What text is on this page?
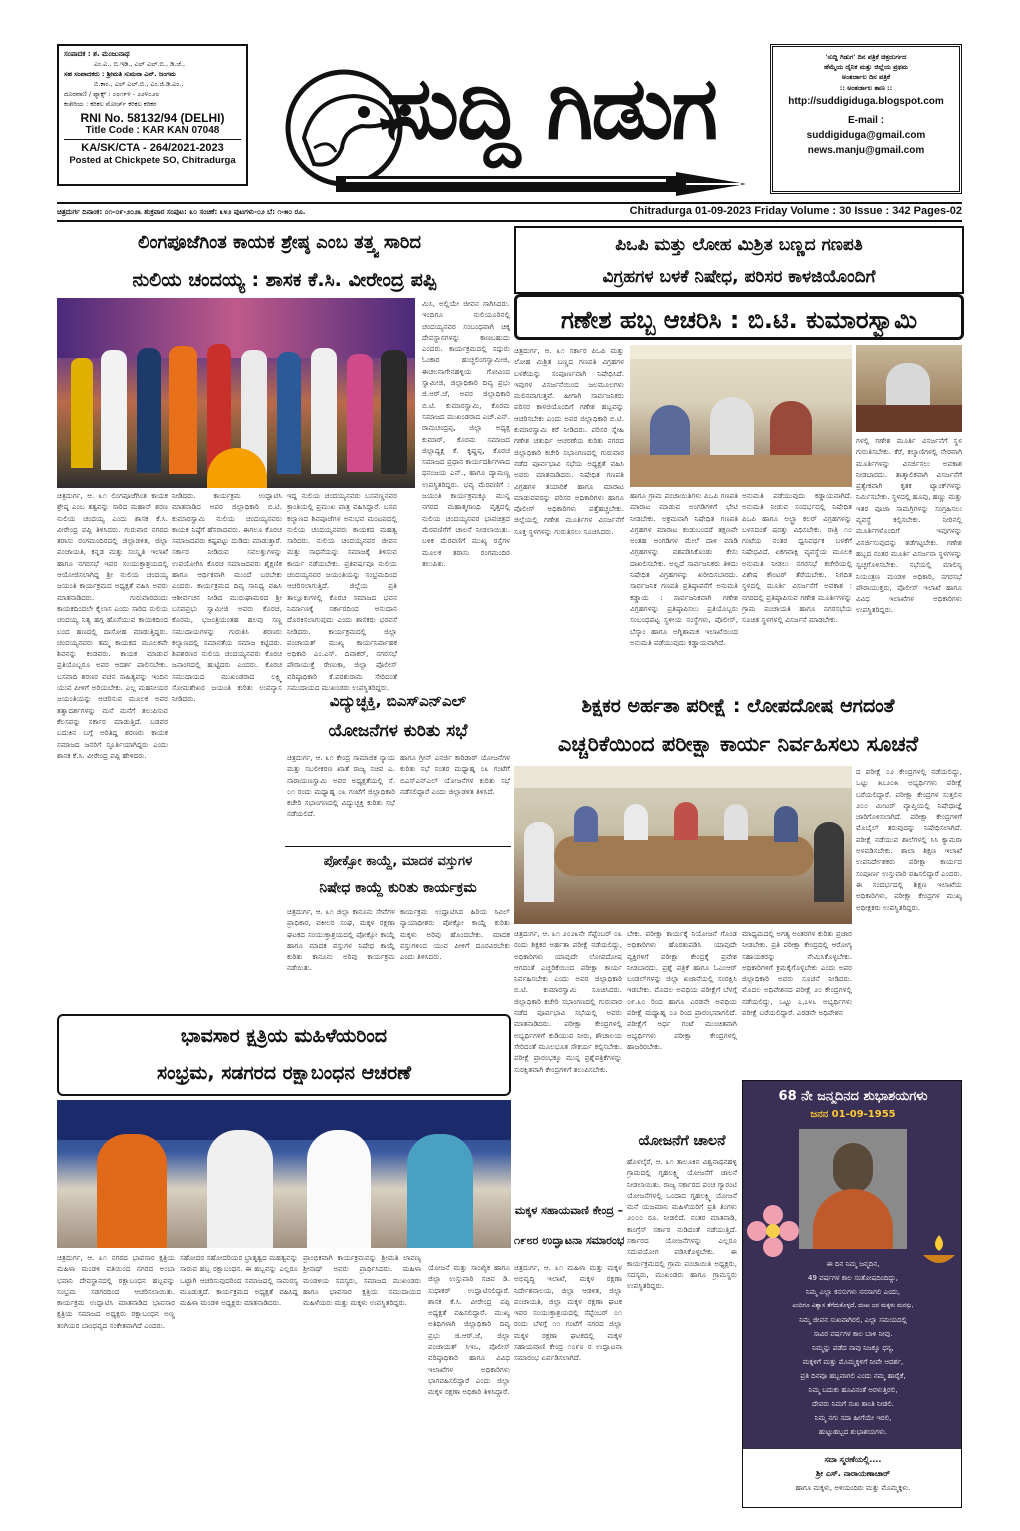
ಸಂಪಾದಕ : ಶ. ಮಂಜುನಾಥ
ಎಂ.ಎ., ಬಿ.ಇಡಿ., ಎಲ್ ಎಲ್.ಬಿ., ಡಿ.ಜೆ.,
ಸಹ ಸಂಪಾದಕರು : ಶ್ರೀಮತಿ ಸುಮನಾ ಎನ್. ಜಂಗಮ
ಬಿ.ಕಾಂ., ಎಲ್ ಎಲ್.ಬಿ., ಎಂ.ಜಿ.ಡಿ.ಎಂ.,
ದೂರವಾಣಿ / ಫ್ಯಾಕ್ಸ್ : ೦೮೧೯೪ - ೨೨೪೦೨೮
ಕಚೇರಿಯ : ಕರಿಕಲ ಮೋರ್ಚ್ ಕರಿಕಲ ಕರಿಕರ
RNI No. 58132/94 (DELHI)
Title Code : KAR KAN 07048
KA/SK/CTA - 264/2021-2023
Posted at Chickpete SO, Chitradurga
ಸುದ್ದಿ ಗಿಡುಗ
'ಸುದ್ದಿ ಗಿಡುಗ' ದಿನ ಪತ್ರಿಕೆ ಚಿತ್ರದುರ್ಗದ
ಹೆಮ್ಮೆಯ ದೈನಿಕ ಮತ್ತು ಜಿಲ್ಲೆಯ ಪ್ರಥಮ
ಅಂತರ್ಜಾಲ ದಿನ ಪತ್ರಿಕೆ
:: ಅಂತರ್ಜಾಲ ತಾಣ ::
http://suddigiduga.blogspot.com
E-mail :
suddigiduga@gmail.com
news.manju@gmail.com
ಚಿತ್ರದುರ್ಗ ದಿನಾಂಕ: ೦೧-೦೯-೨೦೨೩ ಶುಕ್ರವಾರ ಸಂಪುಟ: ೩೦ ಸಂಚಿಕೆ: ೩೪೨ ಪುಟಗಳು-೦೨ ಬೆ: ೧-೫೦ ರೂ.	Chitradurga 01-09-2023 Friday Volume : 30 Issue : 342 Pages-02
ಲಿಂಗಪೂಜೆಗಿಂತ ಕಾಯಕ ಶ್ರೇಷ್ಠ ಎಂಬ ತತ್ತ್ವ ಸಾರಿದ
ನುಲಿಯ ಚಂದಯ್ಯ : ಶಾಸಕ ಕೆ.ಸಿ. ವೀರೇಂದ್ರ ಪಪ್ಪಿ
ಮಿಸಿ, ಅಲ್ಲಿಯೇ ಜೀವನ ಸಾಗಿಸಿದರು. ಇಂದಿಗೂ ನುಲಿಯೂರಿನಲ್ಲಿ ಚಂದಯ್ಯನವರ ಸಂಬಂಧವಾಗಿ ಚಿಕ್ಕ ದೇವಸ್ಥಾನಗಳನ್ನು ಕಾಣಬಹುದು ಎಂದರು. ಕಾರ್ಯಕ್ರಮದಲ್ಲಿ ಸದ್ಗುರು ಓಂಕಾರ ಹುಚ್ಚಲಿಂಗಸ್ವಾಮೀಜಿ, ಈಚಲನಾಗೇನಹಳ್ಳಿಯ ಗೋವಿಂದ ಸ್ವಾಮೀಜಿ, ಜಿಲ್ಲಾಧಿಕಾರಿ ದಿವ್ಯ ಪ್ರಭು ಜಿ.ಆರ್.ಜೆ, ಅಪರ ಜಿಲ್ಲಾಧಿಕಾರಿ ಬಿ.ಟಿ. ಕುಮಾರಸ್ವಾಮಿ, ಕೊರಮ ಸಮಾಜದ ಮುಖಂಡರಾದ ಎಚ್.ಎನ್. ರಾಮಚಂದ್ರಪ್ಪ, ಜಿಲ್ಲಾ ಅಧ್ಯಕ್ಷ ಕುಮಾರ್, ಕೊರಮ ಸಮಾಜದ ಜಿಲ್ಲಾಧ್ಯಕ್ಷ ಕೆ. ಕೃಷ್ಣಪ್ಪ, ಕೊರಚ ಸಮಾಜದ ಪ್ರಧಾನ ಕಾರ್ಯದರ್ಶಿಗಳಾದ ಧನಂಜಯ ಎನ್., ಹಾಗೂ ದ್ಯಾಮಣ್ಣ ಉಪಸ್ಥಿತರಿದ್ದರು. ಭವ್ಯ ಮೆರವಣಿಗೆ : ಜಯಂತಿ ಕಾರ್ಯಕ್ರಮಕ್ಕೂ ಮುನ್ನ ನಗರದ ಮಹಾತ್ಮಗಾಂಧಿ ವೃತ್ತದಲ್ಲಿ ನುಲಿಯ ಚಂದಯ್ಯನವರ ಭಾವಚಿತ್ರದ ಮೆರವಣಿಗೆಗೆ ಚಾಲನೆ ನೀಡಲಾಯಿತು. ಬಳಿಕ ಮೆರವಣಿಗೆ ಮುಖ್ಯ ರಸ್ತೆಗಳ ಮೂಲಕ ತರಾಸು ರಂಗಮಂದಿರ ತಲುಪಿತು.
ಚಿತ್ರದುರ್ಗ, ಆ. ೩೧ ಲಿಂಗಪೂಜೆಗಿಂತ ಕಾಯಕ ಶ್ರೇಷ್ಠ ಎಂಬ ತತ್ವವನ್ನು ಸಾರಿದ ಮಹಾನ್ ಶರಣ ನುಲಿಯ ಚಂದಯ್ಯ ಎಂದು ಶಾಸಕ ಕೆ.ಸಿ. ವೀರೇಂದ್ರ ಪಪ್ಪಿ ತಿಳಿಸಿದರು. ಗುರುವಾರ ನಗರದ ತರಾಸು ರಂಗಮಂದಿರದಲ್ಲಿ ಜಿಲ್ಲಾಡಳಿತ, ಜಿಲ್ಲಾ ಪಂಚಾಯತಿ, ಕನ್ನಡ ಮತ್ತು ಸಂಸ್ಕೃತಿ ಇಲಾಖೆ ಹಾಗೂ ನಗರಸಭೆ ಇವರ ಸಂಯುಕ್ತಾಶ್ರಯದಲ್ಲಿ ಆಯೋಜಿಸಲಾಗಿದ್ದ ಶ್ರೀ ನುಲಿಯ ಚಂದಯ್ಯ ಜಯಂತಿ ಕಾರ್ಯಕ್ರಮದ ಅಧ್ಯಕ್ಷತೆ ವಹಿಸಿ ಅವರು ಮಾತನಾಡಿದರು. ಗುರುವಾರದಂದು ಕಾಯಕದಿಂದಲೇ ಕೈಲಾಸ ಎಂದು ಸಾರಿದ ನುಲಿಯ ಚಂದಯ್ಯ ನಿತ್ಯ ಹಗ್ಗ ಹೊಸೆಯುವ ಕಾಯಕದಿಂದ ಬಂದ ಹಣದಲ್ಲಿ ದಾಸೋಹ ಮಾಡುತ್ತಿದ್ದರು. ಚಂದಯ್ಯನವರು ತಮ್ಮ ಕಾಯಕದ ಮೂಲಕವೇ ಶಿವನನ್ನು ಕಂಡವರು. ಕಾಯಕ ಮಾಡುವ ಪ್ರತಿಯೊಬ್ಬರೂ ಅವರ ಆದರ್ಶ ಪಾಲಿಸಬೇಕು. ಬಸವಾದಿ ಶರಣರ ವಚನ ಸಾಹಿತ್ಯವನ್ನು ಇಂದಿನ ಯುವ ಪೀಳಿಗೆ ಅರಿಯಬೇಕು. ಎಲ್ಲ ಮಹನೀಯರ ಜಯಂತಿಯನ್ನು ಆಚರಿಸುವ ಮೂಲಕ ಅವರ ತತ್ವಾದರ್ಶಗಳನ್ನು ಮನೆ ಮನೆಗೆ ತಲುಪಿಸುವ ಕೆಲಸವನ್ನು ಸರ್ಕಾರ ಮಾಡುತ್ತಿದೆ. ಬಡವರ ಬದುಕಿನ ಬಗ್ಗೆ ಅರಿತಿದ್ದ ಶರಣರು ಕಾಯಕ ಸಮಾಜದ ಜನರಿಗೆ ಸ್ಫೂರ್ತಿಯಾಗಿದ್ದರು ಎಂದು ಶಾಸಕ ಕೆ.ಸಿ. ವೀರೇಂದ್ರ ಪಪ್ಪಿ ಹೇಳಿದರು.
ನೀಡಿದರು. ಕಾರ್ಯಕ್ರಮ ಉದ್ಘಾಟಿಸಿ ಮಾತನಾಡಿದ ಅಪರ ಜಿಲ್ಲಾಧಿಕಾರಿ ಬಿ.ಟಿ. ಕುಮಾರಸ್ವಾಮಿ ನುಲಿಯ ಚಂದಯ್ಯನವರು ಕಾಯಕ ನಿಷ್ಠೆಗೆ ಹೆಸರಾದವರು. ಈಗಲೂ ಕೊರಚ ಸಮಾಜದವರು ಕಷ್ಟಪಟ್ಟು ದುಡಿದು ಮಾಡುತ್ತಾರೆ. ಸರ್ಕಾರ ನೀಡಿರುವ ಸವಲತ್ತುಗಳನ್ನು ಉಪಯೋಗಿಸಿ ಕೊರಚ ಸಮಾಜದವರು ಶೈಕ್ಷಣಿಕ ಹಾಗೂ ಆರ್ಥಿಕವಾಗಿ ಮುಂದೆ ಬರಬೇಕು ಎಂದರು. ಕಾರ್ಯಕ್ರಮದ ದಿವ್ಯ ಸಾನಿಧ್ಯ ವಹಿಸಿ ಆಶೀರ್ವಚನ ನೀಡಿದ ಮುರುಘಾಮಠದ ಶ್ರೀ ಬಸವಪ್ರಭು ಸ್ವಾಮೀಜಿ ಅವರು ಕೊರಚ, ಕೊರಮ, ಭಜಂತ್ರಿಯಂತಹ ಹಲವು ಸಣ್ಣ ಸಮುದಾಯಗಳನ್ನು ಗುರುತಿಸಿ ಶರಣರು ಕಲ್ಯಾಣದಲ್ಲಿ ಸಮಾನತೆಯ ಸಮಾಜ ಕಟ್ಟಿದರು. ಶಿವಶರಣರ ನುಲಿಯ ಚಂದಯ್ಯನವರು ಕೊರಚ ಜನಾಂಗದಲ್ಲಿ ಹುಟ್ಟಿದರು ಎಂದರು. ಕೊರಚ ಸಮುದಾಯದ ಮುಖಂಡರಾದ ಲಕ್ಷ್ಮಿ ಸೋಮಶೇಖರ ಜಯಂತಿ ಕುರಿತು ಉಪನ್ಯಾಸ ನೀಡಿದರು.
ಇದ್ದ ನುಲಿಯ ಚಂದಯ್ಯನವರು ಬಸವಣ್ಣನವರ ಕ್ರಾಂತಿಯಲ್ಲಿ ಪ್ರಮುಖ ಪಾತ್ರ ವಹಿಸಿದ್ದಾರೆ. ಬಸವ ಕಲ್ಯಾಣದ ಶಿವಪೂಜೆಗಳ ಅನುಭವ ಮಂಟಪದಲ್ಲಿ ನುಲಿಯ ಚಂದಯ್ಯನವರು ಕಾಯಕದ ಮಹತ್ವ ಸಾರಿದರು. ನುಲಿಯ ಚಂದಯ್ಯನವರ ಜೀವನ ಮತ್ತು ಸಾಧನೆಯನ್ನು ಸಮಾಜಕ್ಕೆ ತಿಳಿಸುವ ಕಾರ್ಯ ನಡೆಯಬೇಕು. ಪ್ರತಿವರ್ಷವೂ ನುಲಿಯ ಚಂದಯ್ಯನವರ ಜಯಂತಿಯನ್ನು ಸಂಭ್ರಮದಿಂದ ಆಚರಿಸಲಾಗುತ್ತಿದೆ. ಜಿಲ್ಲೆಯ ಪ್ರತಿ ತಾಲ್ಲೂಕುಗಳಲ್ಲಿ ಕೊರಚ ಸಮಾಜದ ಭವನ ನಿರ್ಮಾಣಕ್ಕೆ ಸರ್ಕಾರದಿಂದ ಅನುದಾನ ದೊರಕಿಸಲಾಗುವುದು ಎಂದು ಶಾಸಕರು ಭರವಸೆ ನೀಡಿದರು. ಕಾರ್ಯಕ್ರಮದಲ್ಲಿ ಜಿಲ್ಲಾ ಪಂಚಾಯತ್ ಮುಖ್ಯ ಕಾರ್ಯನಿರ್ವಾಹಕ ಅಧಿಕಾರಿ ಎಂ.ಎಸ್. ದಿವಾಕರ್, ನಗರಸಭೆ ಪೌರಾಯುಕ್ತೆ ರೇಣುಕಾ, ಜಿಲ್ಲಾ ಪೊಲೀಸ್ ವರಿಷ್ಠಾಧಿಕಾರಿ ಕೆ.ಪರಶುರಾಮ ಸೇರಿದಂತೆ ಸಮುದಾಯದ ಮುಖಂಡರು ಉಪಸ್ಥಿತರಿದ್ದರು.
ವಿದ್ಯುಚ್ಛಕ್ತಿ, ಬಿಎಸ್‌ಎನ್‌ಎಲ್
ಯೋಜನೆಗಳ ಕುರಿತು ಸಭೆ
ಚಿತ್ರದುರ್ಗ, ಆ. ೩೧ ಕೇಂದ್ರ ಸಾಮಾಜಿಕ ನ್ಯಾಯ ಮತ್ತು ಸಬಲೀಕರಣ ಖಾತೆ ರಾಜ್ಯ ಸಚಿವ ಎ. ನಾರಾಯಣಸ್ವಾಮಿ ಅವರ ಅಧ್ಯಕ್ಷತೆಯಲ್ಲಿ ಸೆ. ೦೧ ರಂದು ಮಧ್ಯಾಹ್ನ ೦೩ ಗಂಟೆಗೆ ಜಿಲ್ಲಾಧಿಕಾರಿ ಕಚೇರಿ ಸಭಾಂಗಣದಲ್ಲಿ ವಿದ್ಯುಚ್ಛಕ್ತಿ ಕುರಿತು ಸಭೆ ನಡೆಯಲಿದೆ.
ಹಾಗೂ ಗ್ರೀನ್ ಎನರ್ಜಿ ಕಾರಿಡಾರ್ ಯೋಜನೆಗಳ ಕುರಿತು ಸಭೆ ನಂತರ ಮಧ್ಯಾಹ್ನ ೦೩ ಗಂಟೆಗೆ ಬಿಎಸ್‌ಎನ್‌ಎಲ್ ಯೋಜನೆಗಳ ಕುರಿತು ಸಭೆ ನಡೆಸಲಿದ್ದಾರೆ ಎಂದು ಜಿಲ್ಲಾಡಳಿತ ತಿಳಿಸಿದೆ.
ಪೋಕ್ಸೋ ಕಾಯ್ದೆ, ಮಾದಕ ವಸ್ತುಗಳ
ನಿಷೇಧ ಕಾಯ್ದೆ ಕುರಿತು ಕಾರ್ಯಕ್ರಮ
ಚಿತ್ರದುರ್ಗ, ಆ. ೩೧ ಜಿಲ್ಲಾ ಕಾನೂನು ಸೇವೆಗಳ ಪ್ರಾಧಿಕಾರ, ವಕೀಲರ ಸಂಘ, ಮಕ್ಕಳ ರಕ್ಷಣಾ ಘಟಕದ ಸಂಯುಕ್ತಾಶ್ರಯದಲ್ಲಿ ಪೋಕ್ಸೋ ಕಾಯ್ದೆ ಹಾಗೂ ಮಾದಕ ವಸ್ತುಗಳ ನಿಷೇಧ ಕಾಯ್ದೆ ಕುರಿತು ಕಾನೂನು ಅರಿವು ಕಾರ್ಯಕ್ರಮ ನಡೆಯಿತು.
ಕಾರ್ಯಕ್ರಮ ಉದ್ಘಾಟಿಸಿದ ಹಿರಿಯ ಸಿವಿಲ್ ನ್ಯಾಯಾಧೀಶರು ಪೋಕ್ಸೋ ಕಾಯ್ದೆ ಕುರಿತು ಮಕ್ಕಳು ಅರಿವು ಹೊಂದಬೇಕು. ಮಾದಕ ವಸ್ತುಗಳಿಂದ ಯುವ ಪೀಳಿಗೆ ದೂರವಿರಬೇಕು ಎಂದು ತಿಳಿಸಿದರು.
ಭಾವಸಾರ ಕ್ಷತ್ರಿಯ ಮಹಿಳೆಯರಿಂದ
ಸಂಭ್ರಮ, ಸಡಗರದ ರಕ್ಷಾಬಂಧನ ಆಚರಣೆ
ಚಿತ್ರದುರ್ಗ, ಆ. ೩೧ ನಗರದ ಭಾವಸಾರ ಕ್ಷತ್ರಿಯ ಮಹಿಳಾ ಮಂಡಳಿ ವತಿಯಿಂದ ನಗರದ ಅಂಬಾ ಭವಾನಿ ದೇವಸ್ಥಾನದಲ್ಲಿ ರಕ್ಷಾಬಂಧನ ಹಬ್ಬವನ್ನು ಸಂಭ್ರಮ ಸಡಗರದಿಂದ ಆಚರಿಸಲಾಯಿತು. ಕಾರ್ಯಕ್ರಮ ಉದ್ಘಾಟಿಸಿ ಮಾತನಾಡಿದ ಭಾವಸಾರ ಕ್ಷತ್ರಿಯ ಸಮಾಜದ ಅಧ್ಯಕ್ಷರು ರಕ್ಷಾಬಂಧನ ಅಣ್ಣ ತಂಗಿಯರ ಬಾಂಧವ್ಯದ ಸಂಕೇತವಾಗಿದೆ ಎಂದರು.
ಸಹೋದರ ಸಹೋದರಿಯರ ಭ್ರಾತೃತ್ವದ ಮಹತ್ವವನ್ನು ಸಾರುವ ಹಬ್ಬ ರಕ್ಷಾಬಂಧನ. ಈ ಹಬ್ಬವನ್ನು ಎಲ್ಲರೂ ಒಟ್ಟಾಗಿ ಆಚರಿಸುವುದರಿಂದ ಸಮಾಜದಲ್ಲಿ ಸಾಮರಸ್ಯ ಮೂಡುತ್ತದೆ. ಕಾರ್ಯಕ್ರಮದ ಅಧ್ಯಕ್ಷತೆ ವಹಿಸಿದ್ದ ಮಹಿಳಾ ಮಂಡಳಿ ಅಧ್ಯಕ್ಷರು ಮಾತನಾಡಿದರು.
ಪ್ರಾಂಭಿಕವಾಗಿ ಕಾರ್ಯಕ್ರಮವನ್ನು ಶ್ರೀಮತಿ ಲಾವಣ್ಯ ಶ್ರೀನಾಥ್ ಅವರು ಪ್ರಾರ್ಥಿಸಿದರು. ಮಹಿಳಾ ಮಂಡಳಿಯ ಸದಸ್ಯರು, ಸಮಾಜದ ಮುಖಂಡರು ಹಾಗೂ ಭಾವಸಾರ ಕ್ಷತ್ರಿಯ ಸಮುದಾಯದ ಮಹಿಳೆಯರು ಮತ್ತು ಮಕ್ಕಳು ಉಪಸ್ಥಿತರಿದ್ದರು.
ಪಿಒಪಿ ಮತ್ತು ಲೋಹ ಮಿಶ್ರಿತ ಬಣ್ಣದ ಗಣಪತಿ
ವಿಗ್ರಹಗಳ ಬಳಕೆ ನಿಷೇಧ, ಪರಿಸರ ಕಾಳಜಿಯೊಂದಿಗೆ
ಗಣೇಶ ಹಬ್ಬ ಆಚರಿಸಿ : ಬಿ.ಟಿ. ಕುಮಾರಸ್ವಾಮಿ
ಚಿತ್ರದುರ್ಗ, ಆ. ೩೧ ಸರ್ಕಾರ ಪಿಒಪಿ ಮತ್ತು ಲೋಹ ಮಿಶ್ರಿತ ಬಣ್ಣದ ಗಣಪತಿ ವಿಗ್ರಹಗಳ ಬಳಕೆಯನ್ನು ಸಂಪೂರ್ಣವಾಗಿ ನಿಷೇಧಿಸಿದೆ. ಇವುಗಳ ವಿಸರ್ಜನೆಯಿಂದ ಜಲಮೂಲಗಳು ಮಲಿನವಾಗುತ್ತವೆ. ಹೀಗಾಗಿ ಸಾರ್ವಜನಿಕರು ಪರಿಸರ ಕಾಳಜಿಯೊಂದಿಗೆ ಗಣೇಶ ಹಬ್ಬವನ್ನು ಆಚರಿಸಬೇಕು ಎಂದು ಅಪರ ಜಿಲ್ಲಾಧಿಕಾರಿ ಬಿ.ಟಿ. ಕುಮಾರಸ್ವಾಮಿ ಕರೆ ನೀಡಿದರು. ಪರಿಸರ ಸ್ನೇಹಿ ಗಣೇಶ ಚತುರ್ಥಿ ಆಚರಣೆಯ ಕುರಿತು ನಗರದ ಜಿಲ್ಲಾಧಿಕಾರಿ ಕಚೇರಿ ಸಭಾಂಗಣದಲ್ಲಿ ಗುರುವಾರ ನಡೆದ ಪೂರ್ವಭಾವಿ ಸಭೆಯ ಅಧ್ಯಕ್ಷತೆ ವಹಿಸಿ ಅವರು ಮಾತನಾಡಿದರು. ನಿಷೇಧಿತ ಗಣಪತಿ ವಿಗ್ರಹಗಳ ತಯಾರಿಕೆ ಹಾಗೂ ಮಾರಾಟ ಮಾಡುವವರನ್ನು ಪರಿಸರ ಅಧಿಕಾರಿಗಳು ಹಾಗೂ ಪೊಲೀಸ್ ಅಧಿಕಾರಿಗಳು ಪತ್ತೆಹಚ್ಚಬೇಕು. ಜಿಲ್ಲೆಯಲ್ಲಿ ಗಣೇಶ ಮೂರ್ತಿಗಳ ವಿಸರ್ಜನೆಗೆ ಸೂಕ್ತ ಸ್ಥಳಗಳನ್ನು ಗುರುತಿಸಲು ಸೂಚಿಸಿದರು.
ಹಾಗೂ ಗ್ರಾಮ ಪಂಚಾಯಿತಿಗಳು ಪಿಒಪಿ ಗಣಪತಿ ಮಾರಾಟ ಮಾಡುವ ಅಂಗಡಿಗಳಿಗೆ ಭೇಟಿ ನೀಡಬೇಕು. ಅಕ್ರಮವಾಗಿ ನಿಷೇಧಿತ ಗಣಪತಿ ವಿಗ್ರಹಗಳ ಮಾರಾಟ ಕಂಡುಬಂದರೆ ತಕ್ಷಣವೇ ಅಂತಹ ಅಂಗಡಿಗಳ ಮೇಲೆ ದಾಳಿ ಮಾಡಿ ವಿಗ್ರಹಗಳನ್ನು ವಶಪಡಿಸಿಕೊಂಡು ಕೇಸು ದಾಖಲಿಸಬೇಕು. ಅಲ್ಲದೆ ಸಾರ್ವಜನಿಕರು ತಿಳಿದು ನಿಷೇಧಿತ ವಿಗ್ರಹಗಳನ್ನು ಖರೀದಿಸಬಾರದು. ಸಾರ್ವಜನಿಕ ಗಣಪತಿ ಪ್ರತಿಷ್ಠಾಪನೆಗೆ ಅನುಮತಿ ಕಡ್ಡಾಯ : ಸಾರ್ವಜನಿಕವಾಗಿ ಗಣೇಶ ವಿಗ್ರಹಗಳನ್ನು ಪ್ರತಿಷ್ಠಾಪಿಸಲು ಪ್ರತಿಯೊಬ್ಬರು ಸಂಬಂಧಪಟ್ಟ ಸ್ಥಳೀಯ ಸಂಸ್ಥೆಗಳು, ಪೊಲೀಸ್, ಬೆಸ್ಕಾಂ ಹಾಗೂ ಅಗ್ನಿಶಾಮಕ ಇಲಾಖೆಯಿಂದ ಅನುಮತಿ ಪಡೆಯುವುದು ಕಡ್ಡಾಯವಾಗಿದೆ.
ಅನುಮತಿ ಪಡೆಯುವುದು ಕಡ್ಡಾಯವಾಗಿದೆ. ಅನುಮತಿ ನೀಡುವ ಸಂದರ್ಭದಲ್ಲಿ ನಿಷೇಧಿತ ಪಿಒಪಿ ಹಾಗೂ ಅಲ್ಟ್ರಾ ಕಲರ್ ವಿಗ್ರಹಗಳನ್ನು ಬಳಸದಂತೆ ಷರತ್ತು ವಿಧಿಸಬೇಕು. ರಾತ್ರಿ ೧೦ ಗಂಟೆಯ ನಂತರ ಧ್ವನಿವರ್ಧಕ ಬಳಕೆಗೆ ನಿಷೇಧವಿದೆ. ಏಕಗವಾಕ್ಷಿ ವ್ಯವಸ್ಥೆಯ ಮೂಲಕ ಅನುಮತಿ ನೀಡಲು ನಗರಸಭೆ ಕಚೇರಿಯಲ್ಲಿ ವಿಶೇಷ ಕೌಂಟರ್ ತೆರೆಯಬೇಕು. ನಿಗದಿತ ಸ್ಥಳದಲ್ಲಿ ಮೂರ್ತಿ ವಿಸರ್ಜನೆಗೆ ಅವಕಾಶ : ನಗರದಲ್ಲಿ ಪ್ರತಿಷ್ಠಾಪಿಸುವ ಗಣೇಶ ಮೂರ್ತಿಗಳನ್ನು ಗ್ರಾಮ ಪಂಚಾಯತಿ ಹಾಗೂ ನಗರಸಭೆಯ ಸೂಚಿತ ಸ್ಥಳಗಳಲ್ಲಿ ವಿಸರ್ಜನೆ ಮಾಡಬೇಕು.
ಗಳಲ್ಲಿ ಗಣೇಶ ಮೂರ್ತಿ ವಿಸರ್ಜನೆಗೆ ಸ್ಥಳ ಗುರುತಿಸಬೇಕು. ಕೆರೆ, ಕಲ್ಯಾಣಿಗಳಲ್ಲಿ ನೇರವಾಗಿ ಮೂರ್ತಿಗಳನ್ನು ವಿಸರ್ಜಿಸಲು ಅವಕಾಶ ನೀಡಬಾರದು. ತಾತ್ಕಾಲಿಕವಾಗಿ ವಿಸರ್ಜನೆಗೆ ಪ್ರತ್ಯೇಕವಾಗಿ ಕೃತಕ ಟ್ಯಾಂಕ್‌ಗಳನ್ನು ನಿರ್ಮಿಸಬೇಕು. ಸ್ಥಳದಲ್ಲಿ ಹೂವು, ಹಣ್ಣು ಮತ್ತು ಇತರ ಪೂಜಾ ಸಾಮಗ್ರಿಗಳನ್ನು ಸಂಗ್ರಹಿಸಲು ವ್ಯವಸ್ಥೆ ಕಲ್ಪಿಸಬೇಕು. ನೀರಿನಲ್ಲಿ ಮೂರ್ತಿಗಳೊಂದಿಗೆ ಇವುಗಳನ್ನು ವಿಸರ್ಜಿಸುವುದನ್ನು ತಡೆಗಟ್ಟಬೇಕು. ಗಣೇಶ ಹಬ್ಬದ ನಂತರ ಮೂರ್ತಿ ವಿಸರ್ಜನಾ ಸ್ಥಳಗಳನ್ನು ಸ್ವಚ್ಛಗೊಳಿಸಬೇಕು. ಸಭೆಯಲ್ಲಿ ಮಾಲಿನ್ಯ ನಿಯಂತ್ರಣ ಮಂಡಳಿ ಅಧಿಕಾರಿ, ನಗರಸಭೆ ಪೌರಾಯುಕ್ತರು, ಪೊಲೀಸ್ ಇಲಾಖೆ ಹಾಗೂ ವಿವಿಧ ಇಲಾಖೆಗಳ ಅಧಿಕಾರಿಗಳು ಉಪಸ್ಥಿತರಿದ್ದರು.
ಶಿಕ್ಷಕರ ಅರ್ಹತಾ ಪರೀಕ್ಷೆ : ಲೋಪದೋಷ ಆಗದಂತೆ
ಎಚ್ಚರಿಕೆಯಿಂದ ಪರೀಕ್ಷಾ ಕಾರ್ಯ ನಿರ್ವಹಿಸಲು ಸೂಚನೆ
ದ ಪರೀಕ್ಷೆ ೦೨ ಕೇಂದ್ರಗಳಲ್ಲಿ ನಡೆಯಲಿದ್ದು, ಒಟ್ಟು ೫೭೨೦೫ ಅಭ್ಯರ್ಥಿಗಳು ಪರೀಕ್ಷೆ ಬರೆಯಲಿದ್ದಾರೆ. ಪರೀಕ್ಷಾ ಕೇಂದ್ರಗಳ ಸುತ್ತಲಿನ ೨೦೦ ಮೀಟರ್ ವ್ಯಾಪ್ತಿಯಲ್ಲಿ ನಿಷೇಧಾಜ್ಞೆ ಜಾರಿಗೊಳಿಸಲಾಗಿದೆ. ಪರೀಕ್ಷಾ ಕೇಂದ್ರಗಳಿಗೆ ಮೊಬೈಲ್ ತರುವುದನ್ನು ನಿಷೇಧಿಸಲಾಗಿದೆ. ಪರೀಕ್ಷೆ ನಡೆಯುವ ಶಾಲೆಗಳಲ್ಲಿ ಸಿಸಿ ಕ್ಯಾಮರಾ ಅಳವಡಿಸಬೇಕು. ಶಾಲಾ ಶಿಕ್ಷಣ ಇಲಾಖೆ ಉಪನಿರ್ದೇಶಕರು ಪರೀಕ್ಷಾ ಕಾರ್ಯದ ಸಂಪೂರ್ಣ ಉಸ್ತುವಾರಿ ವಹಿಸಲಿದ್ದಾರೆ ಎಂದರು. ಈ ಸಂದರ್ಭದಲ್ಲಿ ಶಿಕ್ಷಣ ಇಲಾಖೆಯ ಅಧಿಕಾರಿಗಳು, ಪರೀಕ್ಷಾ ಕೇಂದ್ರಗಳ ಮುಖ್ಯ ಅಧೀಕ್ಷಕರು ಉಪಸ್ಥಿತರಿದ್ದರು.
ಚಿತ್ರದುರ್ಗ, ಆ. ೩೧ ೨೦೨೩ನೇ ಸೆಪ್ಟೆಂಬರ್ ೦೩ ರಂದು ಶಿಕ್ಷಕರ ಅರ್ಹತಾ ಪರೀಕ್ಷೆ ನಡೆಯಲಿದ್ದು, ಅಧಿಕಾರಿಗಳು ಯಾವುದೇ ಲೋಪದೋಷ ಆಗದಂತೆ ಎಚ್ಚರಿಕೆಯಿಂದ ಪರೀಕ್ಷಾ ಕಾರ್ಯ ನಿರ್ವಹಿಸಬೇಕು ಎಂದು ಅಪರ ಜಿಲ್ಲಾಧಿಕಾರಿ ಬಿ.ಟಿ. ಕುಮಾರಸ್ವಾಮಿ ಸೂಚಿಸಿದರು. ಜಿಲ್ಲಾಧಿಕಾರಿ ಕಚೇರಿ ಸಭಾಂಗಣದಲ್ಲಿ ಗುರುವಾರ ನಡೆದ ಪೂರ್ವಭಾವಿ ಸಭೆಯಲ್ಲಿ ಅವರು ಮಾತನಾಡಿದರು. ಪರೀಕ್ಷಾ ಕೇಂದ್ರಗಳಲ್ಲಿ ಅಭ್ಯರ್ಥಿಗಳಿಗೆ ಕುಡಿಯುವ ನೀರು, ಶೌಚಾಲಯ ಸೇರಿದಂತೆ ಮೂಲಭೂತ ಸೌಕರ್ಯ ಕಲ್ಪಿಸಬೇಕು. ಪರೀಕ್ಷೆ ಪ್ರಾರಂಭಕ್ಕೂ ಮುನ್ನ ಪ್ರಶ್ನೆಪತ್ರಿಕೆಗಳನ್ನು ಸುರಕ್ಷಿತವಾಗಿ ಕೇಂದ್ರಗಳಿಗೆ ತಲುಪಿಸಬೇಕು.
ಬೇಕು. ಪರೀಕ್ಷಾ ಕಾರ್ಯಕ್ಕೆ ನಿಯೋಜನೆ ಗೊಂಡ ಅಧಿಕಾರಿಗಳು ಹೊರತುಪಡಿಸಿ ಯಾವುದೇ ವ್ಯಕ್ತಿಗಳಿಗೆ ಪರೀಕ್ಷಾ ಕೇಂದ್ರಕ್ಕೆ ಪ್ರವೇಶ ನೀಡಬಾರದು. ಪ್ರಶ್ನೆ ಪತ್ರಿಕೆ ಹಾಗೂ ಓಎಂಆರ್ ಬಂಡಲ್‌ಗಳನ್ನು ಜಿಲ್ಲಾ ಖಜಾನೆಯಲ್ಲಿ ಸಂರಕ್ಷಿಸಿ ಇಡಬೇಕು. ಮೊದಲ ಅವಧಿಯ ಪರೀಕ್ಷೆಗೆ ಬೆಳಗ್ಗೆ ೦೯.೩೦ ರಿಂದ ಹಾಗೂ ಎರಡನೇ ಅವಧಿಯ ಪರೀಕ್ಷೆ ಮಧ್ಯಾಹ್ನ ೦೨ ರಿಂದ ಪ್ರಾರಂಭವಾಗಲಿದೆ. ಪರೀಕ್ಷೆಗೆ ಅರ್ಧ ಗಂಟೆ ಮುಂಚಿತವಾಗಿ ಅಭ್ಯರ್ಥಿಗಳು ಪರೀಕ್ಷಾ ಕೇಂದ್ರಗಳಲ್ಲಿ ಹಾಜರಿರಬೇಕು.
ಮಾಧ್ಯಮದಲ್ಲಿ ಅಗತ್ಯ ಅಂತರಗಳ ಕುರಿತು ಪ್ರಚಾರ ನೀಡಬೇಕು. ಪ್ರತಿ ಪರೀಕ್ಷಾ ಕೇಂದ್ರದಲ್ಲಿ ಆರೋಗ್ಯ ಸಹಾಯಕರನ್ನು ನೇಮಿಸಿಕೊಳ್ಳಬೇಕು. ಅಧಿಕಾರಿಗಳಿಗೆ ಕ್ರಮಕೈಗೊಳ್ಳಬೇಕು ಎಂದು ಅಪರ ಜಿಲ್ಲಾಧಿಕಾರಿ ಅವರು ಸೂಚನೆ ನೀಡಿದರು. ಮೊದಲ ಅಧಿವೇಶನದ ಪರೀಕ್ಷೆ ೨೦ ಕೇಂದ್ರಗಳಲ್ಲಿ ನಡೆಯಲಿದ್ದು, ಒಟ್ಟು ೭,೭೪೬ ಅಭ್ಯರ್ಥಿಗಳು ಪರೀಕ್ಷೆ ಬರೆಯಲಿದ್ದಾರೆ. ಎರಡನೇ ಅಧಿವೇಶನ
ಯೋಜನೆಗೆ ಚಾಲನೆ
ಹೊಳಲ್ಕೆರೆ, ಆ. ೩೧ ತಾಲೂಕಿನ ವಿಶ್ವನಾಥನಹಳ್ಳಿ ಗ್ರಾಮದಲ್ಲಿ ಗೃಹಲಕ್ಷ್ಮಿ ಯೋಜನೆಗೆ ಚಾಲನೆ ನೀಡಲಾಯಿತು. ರಾಜ್ಯ ಸರ್ಕಾರದ ಪಂಚ ಗ್ಯಾರಂಟಿ ಯೋಜನೆಗಳಲ್ಲಿ ಒಂದಾದ ಗೃಹಲಕ್ಷ್ಮಿ ಯೋಜನೆ ಮನೆ ಯಜಮಾನಿ ಮಹಿಳೆಯರಿಗೆ ಪ್ರತಿ ತಿಂಗಳು ೨೦೦೦ ರೂ. ನೀಡಲಿದೆ. ನಂತರ ಮಾತನಾಡಿ, ಕಾಂಗ್ರೆಸ್ ಸರ್ಕಾರ ನುಡಿದಂತೆ ನಡೆಯುತ್ತಿದೆ. ಸರ್ಕಾರದ ಯೋಜನೆಗಳನ್ನು ಎಲ್ಲರೂ ಸದುಪಯೋಗ ಪಡಿಸಿಕೊಳ್ಳಬೇಕು. ಈ ಕಾರ್ಯಕ್ರಮದಲ್ಲಿ ಗ್ರಾಮ ಪಂಚಾಯಿತಿ ಅಧ್ಯಕ್ಷರು, ಸದಸ್ಯರು, ಮುಖಂಡರು ಹಾಗೂ ಗ್ರಾಮಸ್ಥರು ಉಪಸ್ಥಿತರಿದ್ದರು.
ಮಕ್ಕಳ ಸಹಾಯವಾಣಿ ಕೇಂದ್ರ –
೧೯೮ರ ಉದ್ಘಾಟನಾ ಸಮಾರಂಭ
ಚಿತ್ರದುರ್ಗ, ಆ. ೩೧ ಮಹಿಳಾ ಮತ್ತು ಮಕ್ಕಳ ಅಭಿವೃದ್ಧಿ ಇಲಾಖೆ, ಮಕ್ಕಳ ರಕ್ಷಣಾ ನಿರ್ದೇಶನಾಲಯ, ಜಿಲ್ಲಾ ಆಡಳಿತ, ಜಿಲ್ಲಾ ಪಂಚಾಯತಿ, ಜಿಲ್ಲಾ ಮಕ್ಕಳ ರಕ್ಷಣಾ ಘಟಕ ಇವರ ಸಂಯುಕ್ತಾಶ್ರಯದಲ್ಲಿ ಸೆಪ್ಟೆಂಬರ್ ೦೧ ರಂದು ಬೆಳಗ್ಗೆ ೧೧ ಗಂಟೆಗೆ ನಗರದ ಜಿಲ್ಲಾ ಮಕ್ಕಳ ರಕ್ಷಣಾ ಘಟಕದಲ್ಲಿ ಮಕ್ಕಳ ಸಹಾಯವಾಣಿ ಕೇಂದ್ರ ೧೦೯೮ ರ ಉದ್ಘಾಟನಾ ಸಮಾರಂಭ ಏರ್ಪಡಿಸಲಾಗಿದೆ.
ಯೋಜನೆ ಮತ್ತು ಸಾಂಖ್ಯಿಕ ಹಾಗೂ ಜಿಲ್ಲಾ ಉಸ್ತುವಾರಿ ಸಚಿವ ಡಿ. ಸುಧಾಕರ್ ಉದ್ಘಾಟಿಸಲಿದ್ದಾರೆ. ಶಾಸಕ ಕೆ.ಸಿ. ವೀರೇಂದ್ರ ಪಪ್ಪಿ ಅಧ್ಯಕ್ಷತೆ ವಹಿಸಲಿದ್ದಾರೆ. ಮುಖ್ಯ ಅತಿಥಿಗಳಾಗಿ ಜಿಲ್ಲಾಧಿಕಾರಿ ದಿವ್ಯ ಪ್ರಭು ಜಿ.ಆರ್.ಜೆ, ಜಿಲ್ಲಾ ಪಂಚಾಯತ್ ಸಿಇಒ, ಪೊಲೀಸ್ ವರಿಷ್ಠಾಧಿಕಾರಿ ಹಾಗೂ ವಿವಿಧ ಇಲಾಖೆಗಳ ಅಧಿಕಾರಿಗಳು ಭಾಗವಹಿಸಲಿದ್ದಾರೆ ಎಂದು ಜಿಲ್ಲಾ ಮಕ್ಕಳ ರಕ್ಷಣಾ ಅಧಿಕಾರಿ ತಿಳಿಸಿದ್ದಾರೆ.
68 ನೇ ಜನ್ಮದಿನದ ಶುಭಾಶಯಗಳು
ಜನನ 01-09-1955
ಈ ದಿನ ನಿಮ್ಮ ಜನ್ಮದಿನ,
49 ವರ್ಷಗಳ ಕಾಲ ಸಂತೋಷದಿಂದಿದ್ದು,
ನಿಮ್ಮ ಎಲ್ಲಾ ಕನಸುಗಳು ನನಸಾಗಲಿ ಎಂದು,
ಎಂದಿಗೂ ವಿಶ್ವಾಸ ತೆಗೆದುಕೊಳ್ಳದೆ, ದುಃಖ ಜನ ಮಕ್ಕಳು ಮನಸ್ಸು,
ನಿಮ್ಮ ಜೀವನ ಸುಖವಾಗಿರಲಿ, ಎಲ್ಲಾ ಸಮಯದಲ್ಲಿ
ಸಾವಿರ ವರ್ಷಗಳ ಕಾಲ ಬಾಳಿ ನೀವು.
ನಿಮ್ಮನ್ನು ಪಡೆದ ನಾವು ನಿಜಕ್ಕೂ ಧನ್ಯ,
ಮಕ್ಕಳಿಗೆ ಮತ್ತು ಮೊಮ್ಮಕ್ಕಳಿಗೆ ನೀವೇ ಆದರ್ಶ,
ಪ್ರತಿ ದಿನವೂ ಹಬ್ಬವಾಗಲಿ ಎಂದು ನಮ್ಮ ಹಾರೈಕೆ,
ನಿಮ್ಮ ಬದುಕು ಹೂವಿನಂತೆ ಅರಳುತ್ತಿರಲಿ,
ದೇವರು ನಿಮಗೆ ಸುಖ ಶಾಂತಿ ನೀಡಲಿ.
ನಿಮ್ಮ ನಗು ಸದಾ ಹೀಗೆಯೇ ಇರಲಿ,
ಹುಟ್ಟುಹಬ್ಬದ ಶುಭಾಶಯಗಳು.
ಸದಾ ಸ್ಮರಣೆಯಲ್ಲಿ....
ಶ್ರೀ ಎಸ್. ನಾರಾಯಣಾಚಾರ್
ಹಾಗೂ ಮಕ್ಕಳು, ಅಳಿಯಂದಿರು ಮತ್ತು ಮೊಮ್ಮಕ್ಕಳು.
